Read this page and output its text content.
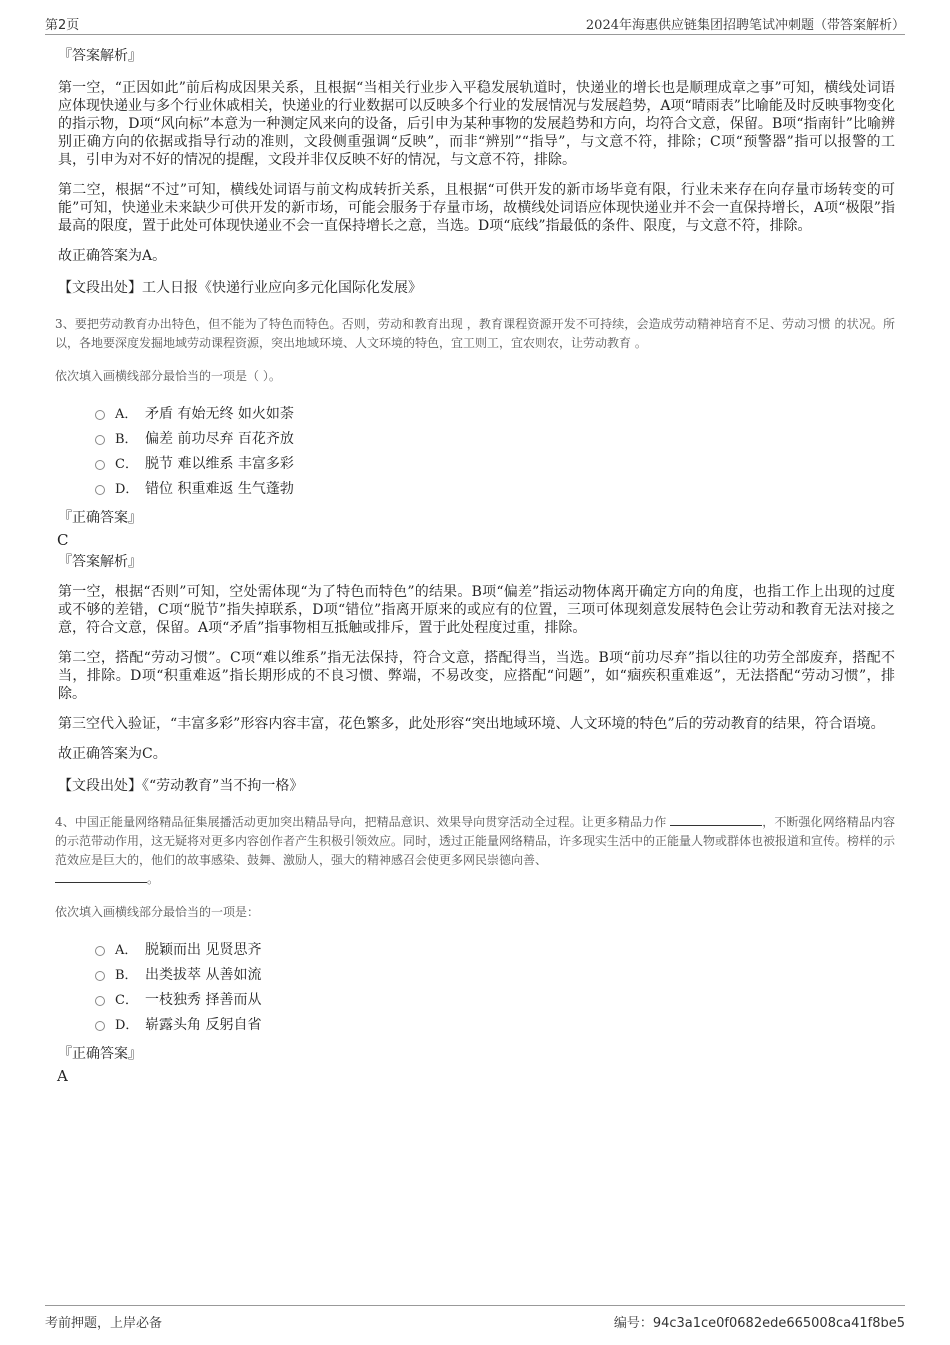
第2页	2024年海惠供应链集团招聘笔试冲刺题（带答案解析）

『答案解析』

第一空，“正因如此”前后构成因果关系，且根据“当相关行业步入平稳发展轨道时，快递业的增长也是顺理成章之事”可知，横线处词语应体现快递业与多个行业休戚相关，快递业的行业数据可以反映多个行业的发展情况与发展趋势，A项“晴雨表”比喻能及时反映事物变化的指示物，D项“风向标”本意为一种测定风来向的设备，后引申为某种事物的发展趋势和方向，均符合文意，保留。B项“指南针”比喻辨别正确方向的依据或指导行动的准则，文段侧重强调“反映”，而非“辨别”“指导”，与文意不符，排除；C项“预警器”指可以报警的工具，引申为对不好的情况的提醒，文段并非仅反映不好的情况，与文意不符，排除。

第二空，根据“不过”可知，横线处词语与前文构成转折关系，且根据“可供开发的新市场毕竟有限，行业未来存在向存量市场转变的可能”可知，快递业未来缺少可供开发的新市场，可能会服务于存量市场，故横线处词语应体现快递业并不会一直保持增长，A项“极限”指最高的限度，置于此处可体现快递业不会一直保持增长之意，当选。D项“底线”指最低的条件、限度，与文意不符，排除。

故正确答案为A。

【文段出处】工人日报《快递行业应向多元化国际化发展》

3、要把劳动教育办出特色，但不能为了特色而特色。否则，劳动和教育出现 ，教育课程资源开发不可持续，会造成劳动精神培育不足、劳动习惯 的状况。所以，各地要深度发掘地域劳动课程资源，突出地域环境、人文环境的特色，宜工则工，宜农则农，让劳动教育 。

依次填入画横线部分最恰当的一项是（ ）。

A． 矛盾 有始无终 如火如荼
B． 偏差 前功尽弃 百花齐放
C． 脱节 难以维系 丰富多彩
D． 错位 积重难返 生气蓬勃

『正确答案』

C

『答案解析』

第一空，根据“否则”可知，空处需体现“为了特色而特色”的结果。B项“偏差”指运动物体离开确定方向的角度，也指工作上出现的过度或不够的差错，C项“脱节”指失掉联系，D项“错位”指离开原来的或应有的位置，三项可体现刻意发展特色会让劳动和教育无法对接之意，符合文意，保留。A项“矛盾”指事物相互抵触或排斥，置于此处程度过重，排除。

第二空，搭配“劳动习惯”。C项“难以维系”指无法保持，符合文意，搭配得当，当选。B项“前功尽弃”指以往的功劳全部废弃，搭配不当，排除。D项“积重难返”指长期形成的不良习惯、弊端，不易改变，应搭配“问题”，如“痼疾积重难返”，无法搭配“劳动习惯”，排除。

第三空代入验证，“丰富多彩”形容内容丰富，花色繁多，此处形容“突出地域环境、人文环境的特色”后的劳动教育的结果，符合语境。

故正确答案为C。

【文段出处】《“劳动教育”当不拘一格》

4、中国正能量网络精品征集展播活动更加突出精品导向，把精品意识、效果导向贯穿活动全过程。让更多精品力作	，不断强化网络精品内容的示范带动作用，这无疑将对更多内容创作者产生积极引领效应。同时，透过正能量网络精品，许多现实生活中的正能量人物或群体也被报道和宣传。榜样的示范效应是巨大的，他们的故事感染、鼓舞、激励人，强大的精神感召会使更多网民崇德向善、
。

依次填入画横线部分最恰当的一项是：

A． 脱颖而出 见贤思齐
B． 出类拔萃 从善如流
C． 一枝独秀 择善而从
D． 崭露头角 反躬自省

『正确答案』

A

考前押题，上岸必备	编号：94c3a1ce0f0682ede665008ca41f8be5
